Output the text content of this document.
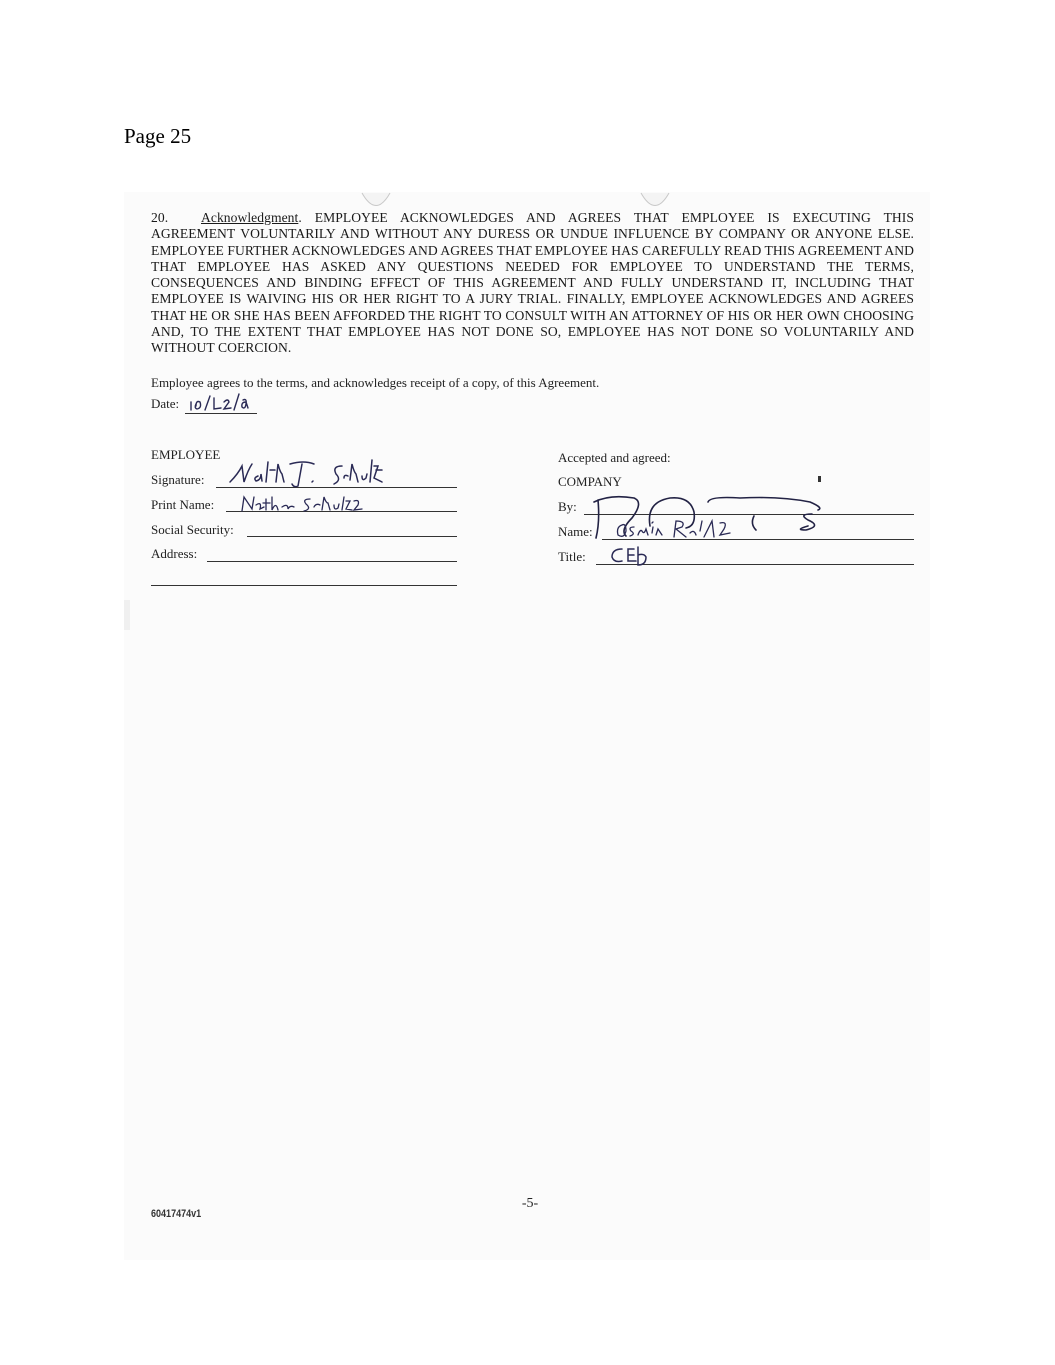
Page 25
20. Acknowledgment. EMPLOYEE ACKNOWLEDGES AND AGREES THAT EMPLOYEE IS EXECUTING THIS AGREEMENT VOLUNTARILY AND WITHOUT ANY DURESS OR UNDUE INFLUENCE BY COMPANY OR ANYONE ELSE. EMPLOYEE FURTHER ACKNOWLEDGES AND AGREES THAT EMPLOYEE HAS CAREFULLY READ THIS AGREEMENT AND THAT EMPLOYEE HAS ASKED ANY QUESTIONS NEEDED FOR EMPLOYEE TO UNDERSTAND THE TERMS, CONSEQUENCES AND BINDING EFFECT OF THIS AGREEMENT AND FULLY UNDERSTAND IT, INCLUDING THAT EMPLOYEE IS WAIVING HIS OR HER RIGHT TO A JURY TRIAL. FINALLY, EMPLOYEE ACKNOWLEDGES AND AGREES THAT HE OR SHE HAS BEEN AFFORDED THE RIGHT TO CONSULT WITH AN ATTORNEY OF HIS OR HER OWN CHOOSING AND, TO THE EXTENT THAT EMPLOYEE HAS NOT DONE SO, EMPLOYEE HAS NOT DONE SO VOLUNTARILY AND WITHOUT COERCION.
Employee agrees to the terms, and acknowledges receipt of a copy, of this Agreement.
Date:
EMPLOYEE
Signature:
Print Name:
Social Security:
Address:
Accepted and agreed:
COMPANY
By:
Name:
Title:
-5-
60417474v1
